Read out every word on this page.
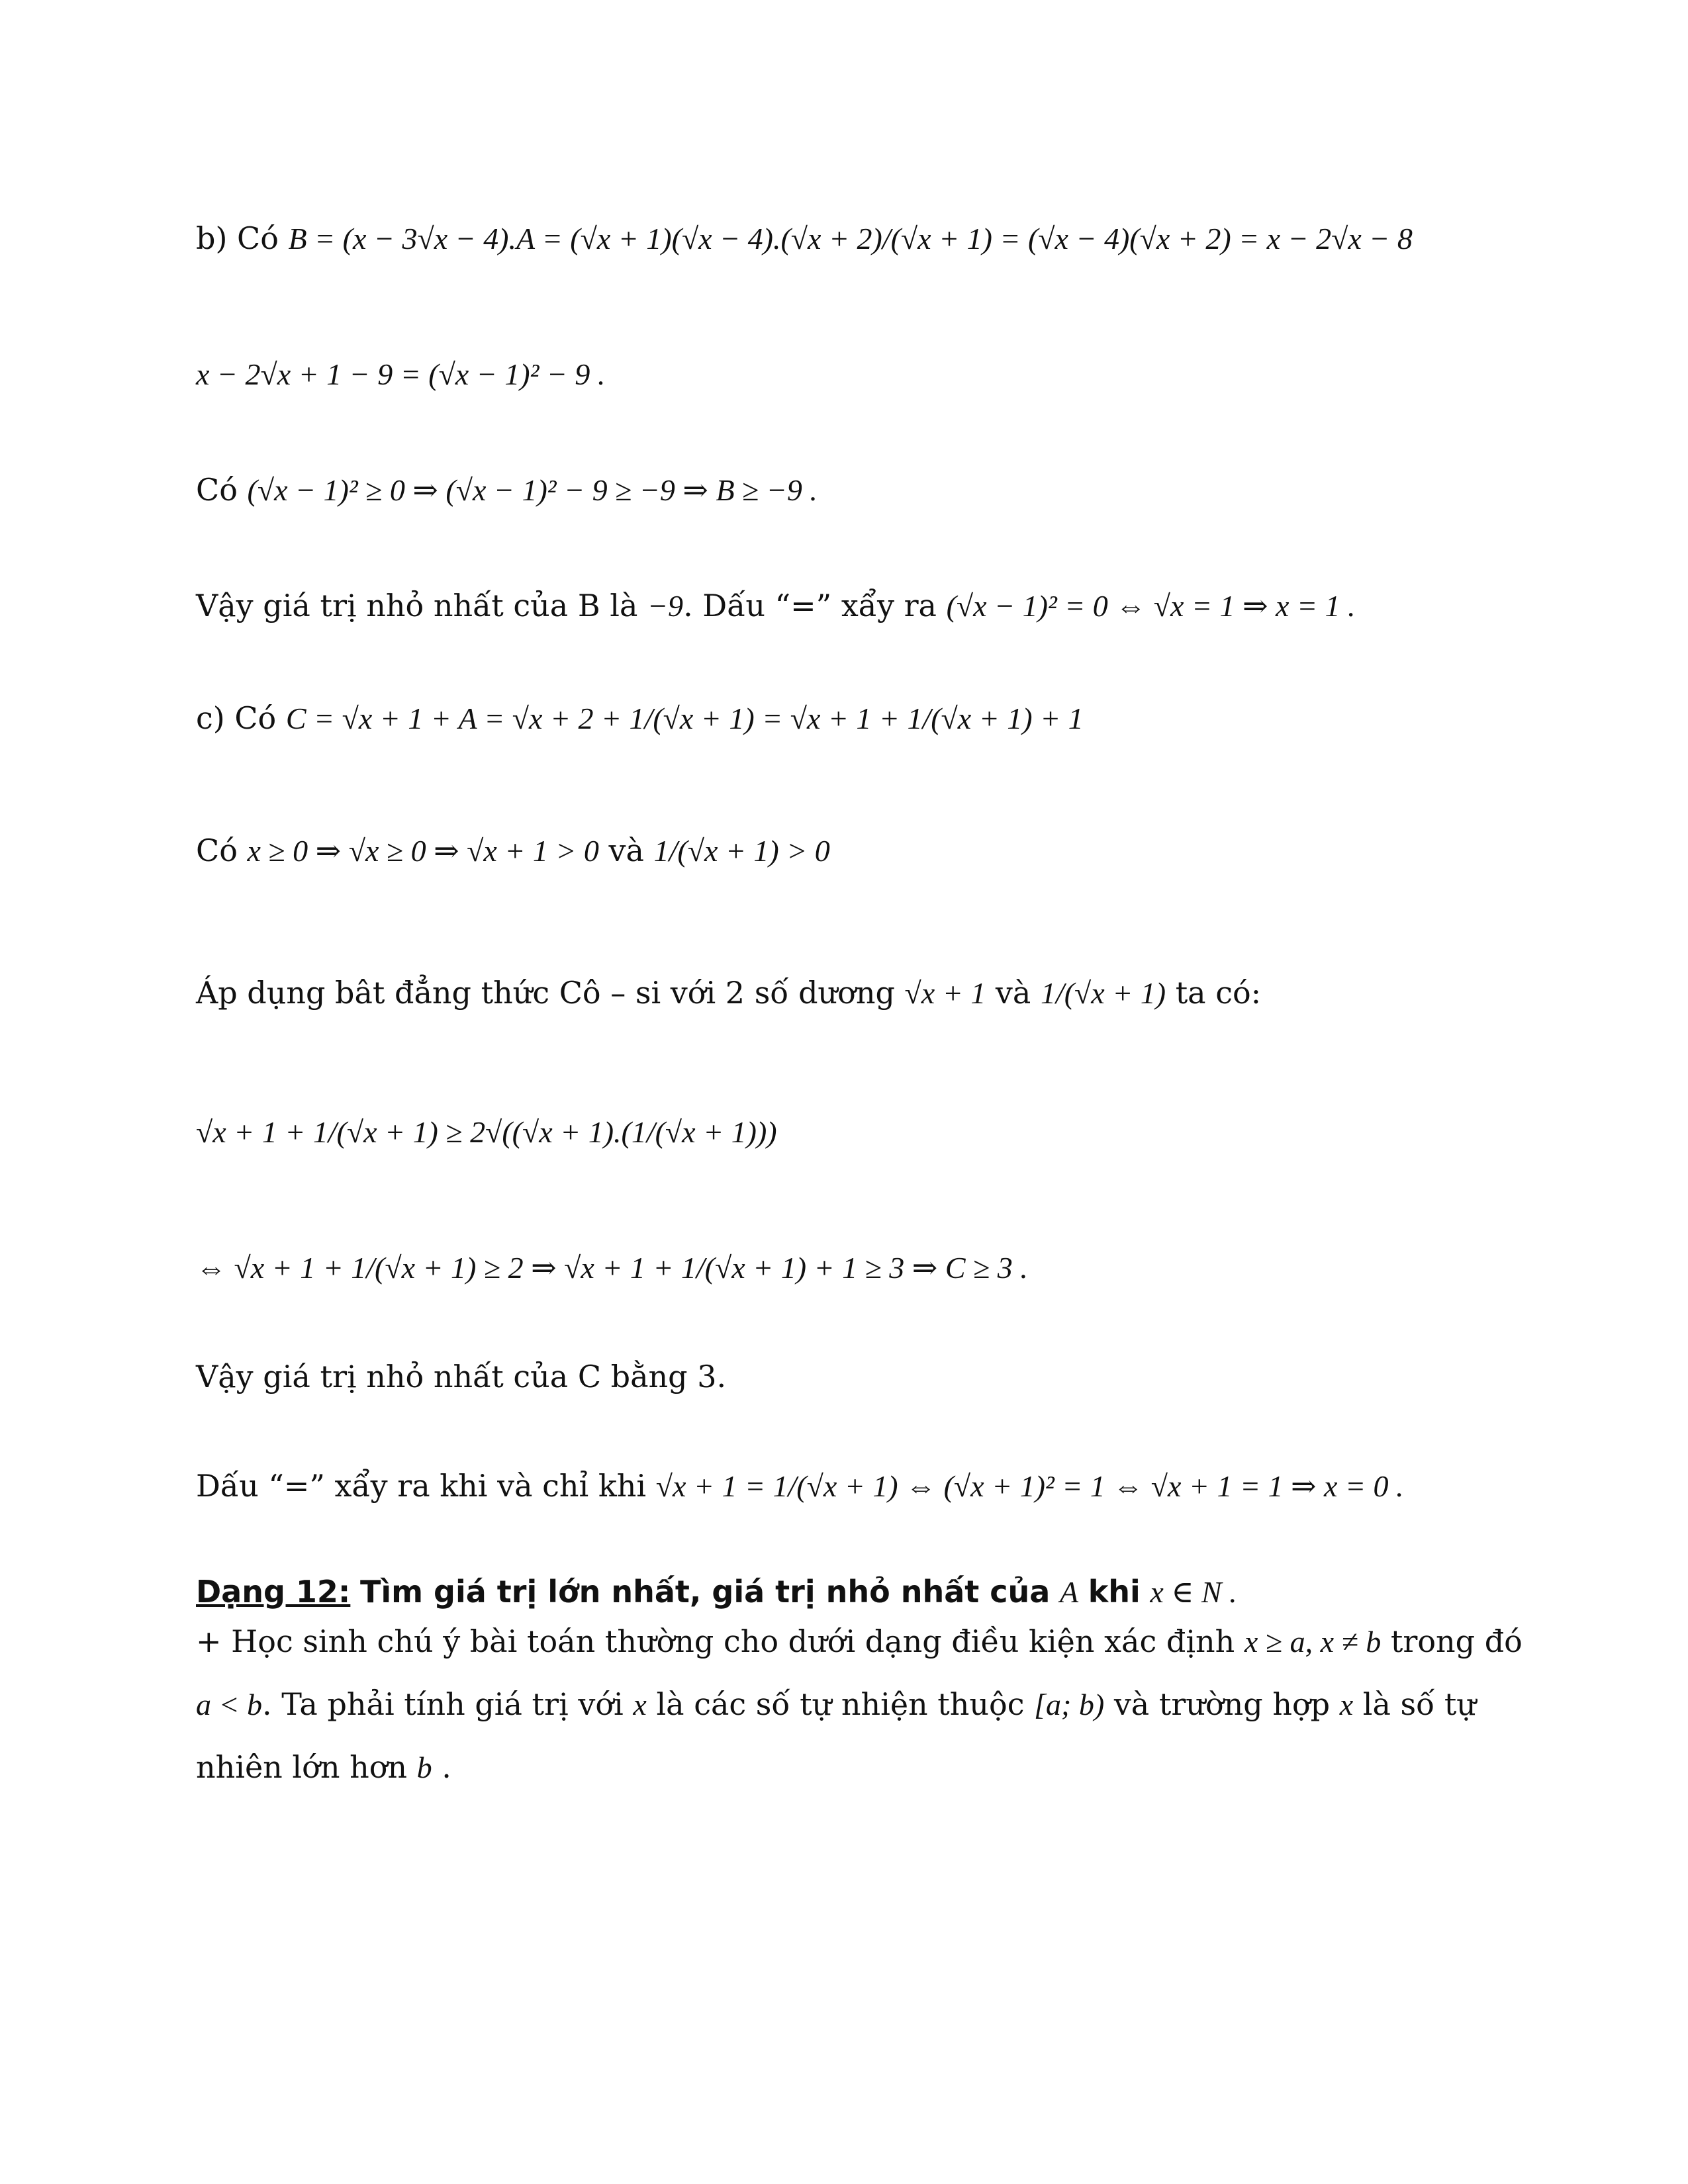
b) Có B = (x − 3√x − 4).A = (√x + 1)(√x − 4).(√x + 2)/(√x + 1) = (√x − 4)(√x + 2) = x − 2√x − 8
x − 2√x + 1 − 9 = (√x − 1)² − 9 .
Có (√x − 1)² ≥ 0 ⇒ (√x − 1)² − 9 ≥ −9 ⇒ B ≥ −9 .
Vậy giá trị nhỏ nhất của B là −9. Dấu “=” xẩy ra (√x − 1)² = 0 ⇔ √x = 1 ⇒ x = 1 .
c) Có C = √x + 1 + A = √x + 2 + 1/(√x + 1) = √x + 1 + 1/(√x + 1) + 1
Có x ≥ 0 ⇒ √x ≥ 0 ⇒ √x + 1 > 0 và 1/(√x + 1) > 0
Áp dụng bât đẳng thức Cô – si với 2 số dương √x + 1 và 1/(√x + 1) ta có:
√x + 1 + 1/(√x + 1) ≥ 2√((√x + 1).(1/(√x + 1)))
⇔ √x + 1 + 1/(√x + 1) ≥ 2 ⇒ √x + 1 + 1/(√x + 1) + 1 ≥ 3 ⇒ C ≥ 3 .
Vậy giá trị nhỏ nhất của C bằng 3.
Dấu “=” xẩy ra khi và chỉ khi √x + 1 = 1/(√x + 1) ⇔ (√x + 1)² = 1 ⇔ √x + 1 = 1 ⇒ x = 0 .
Dạng 12: Tìm giá trị lớn nhất, giá trị nhỏ nhất của A khi x ∈ N .
+ Học sinh chú ý bài toán thường cho dưới dạng điều kiện xác định x ≥ a, x ≠ b trong đó
a < b. Ta phải tính giá trị với x là các số tự nhiện thuộc [a; b) và trường hợp x là số tự
nhiên lớn hơn b .
